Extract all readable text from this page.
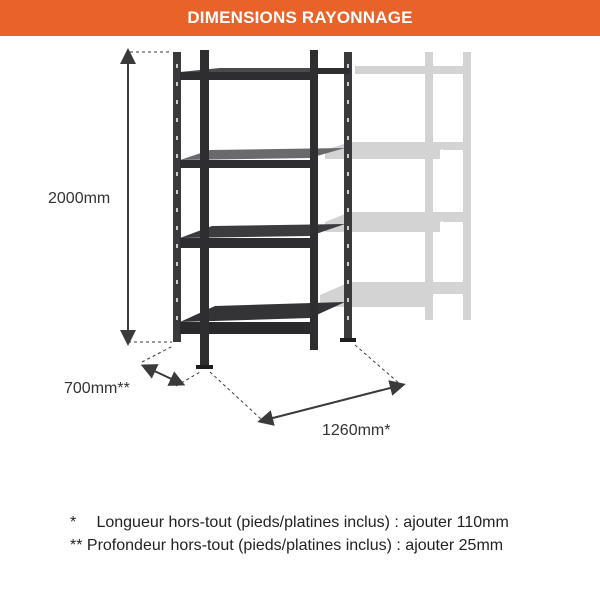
DIMENSIONS RAYONNAGE
2000mm
700mm**
1260mm*
* Longueur hors-tout (pieds/platines inclus) : ajouter 110mm
** Profondeur hors-tout (pieds/platines inclus) : ajouter 25mm
